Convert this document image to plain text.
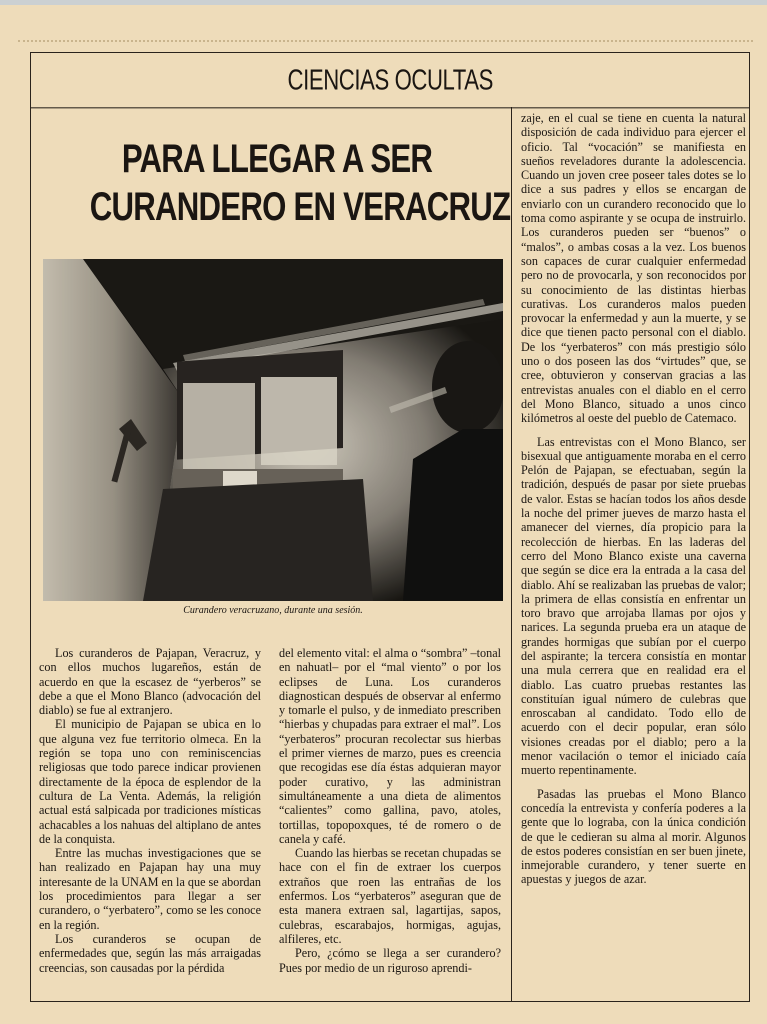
CIENCIAS OCULTAS
PARA LLEGAR A SER
CURANDERO EN VERACRUZ
Curandero veracruzano, durante una sesión.

Los curanderos de Pajapan, Veracruz, y con ellos muchos lugareños, están de acuerdo en que la escasez de “yerberos” se debe a que el Mono Blanco (advocación del diablo) se fue al extranjero.

El municipio de Pajapan se ubica en lo que alguna vez fue territorio olmeca. En la región se topa uno con reminiscencias religiosas que todo parece indicar provienen directamente de la época de esplendor de la cultura de La Venta. Además, la religión actual está salpicada por tradiciones místicas achacables a los nahuas del altiplano de antes de la conquista.

Entre las muchas investigaciones que se han realizado en Pajapan hay una muy interesante de la UNAM en la que se abordan los procedimientos para llegar a ser curandero, o “yerbatero”, como se les conoce en la región.

Los curanderos se ocupan de enfermedades que, según las más arraigadas creencias, son causadas por la pérdida

del elemento vital: el alma o “sombra” –tonal en nahuatl– por el “mal viento” o por los eclipses de Luna. Los curanderos diagnostican después de observar al enfermo y tomarle el pulso, y de inmediato prescriben “hierbas y chupadas para extraer el mal”. Los “yerbateros” procuran recolectar sus hierbas el primer viernes de marzo, pues es creencia que recogidas ese día éstas adquieran mayor poder curativo, y las administran simultáneamente a una dieta de alimentos “calientes” como gallina, pavo, atoles, tortillas, topopoxques, té de romero o de canela y café.

Cuando las hierbas se recetan chupadas se hace con el fin de extraer los cuerpos extraños que roen las entrañas de los enfermos. Los “yerbateros” aseguran que de esta manera extraen sal, lagartijas, sapos, culebras, escarabajos, hormigas, agujas, alfileres, etc.

Pero, ¿cómo se llega a ser curandero? Pues por medio de un riguroso aprendi-

zaje, en el cual se tiene en cuenta la natural disposición de cada individuo para ejercer el oficio. Tal “vocación” se manifiesta en sueños reveladores durante la adolescencia. Cuando un joven cree poseer tales dotes se lo dice a sus padres y ellos se encargan de enviarlo con un curandero reconocido que lo toma como aspirante y se ocupa de instruirlo. Los curanderos pueden ser “buenos” o “malos”, o ambas cosas a la vez. Los buenos son capaces de curar cualquier enfermedad pero no de provocarla, y son reconocidos por su conocimiento de las distintas hierbas curativas. Los curanderos malos pueden provocar la enfermedad y aun la muerte, y se dice que tienen pacto personal con el diablo. De los “yerbateros” con más prestigio sólo uno o dos poseen las dos “virtudes” que, se cree, obtuvieron y conservan gracias a las entrevistas anuales con el diablo en el cerro del Mono Blanco, situado a unos cinco kilómetros al oeste del pueblo de Catemaco.

Las entrevistas con el Mono Blanco, ser bisexual que antiguamente moraba en el cerro Pelón de Pajapan, se efectuaban, según la tradición, después de pasar por siete pruebas de valor. Estas se hacían todos los años desde la noche del primer jueves de marzo hasta el amanecer del viernes, día propicio para la recolección de hierbas. En las laderas del cerro del Mono Blanco existe una caverna que según se dice era la entrada a la casa del diablo. Ahí se realizaban las pruebas de valor; la primera de ellas consistía en enfrentar un toro bravo que arrojaba llamas por ojos y narices. La segunda prueba era un ataque de grandes hormigas que subían por el cuerpo del aspirante; la tercera consistía en montar una mula cerrera que en realidad era el diablo. Las cuatro pruebas restantes las constituían igual número de culebras que enroscaban al candidato. Todo ello de acuerdo con el decir popular, eran sólo visiones creadas por el diablo; pero a la menor vacilación o temor el iniciado caía muerto repentinamente.

Pasadas las pruebas el Mono Blanco concedía la entrevista y confería poderes a la gente que lo lograba, con la única condición de que le cedieran su alma al morir. Algunos de estos poderes consistían en ser buen jinete, inmejorable curandero, y tener suerte en apuestas y juegos de azar.
